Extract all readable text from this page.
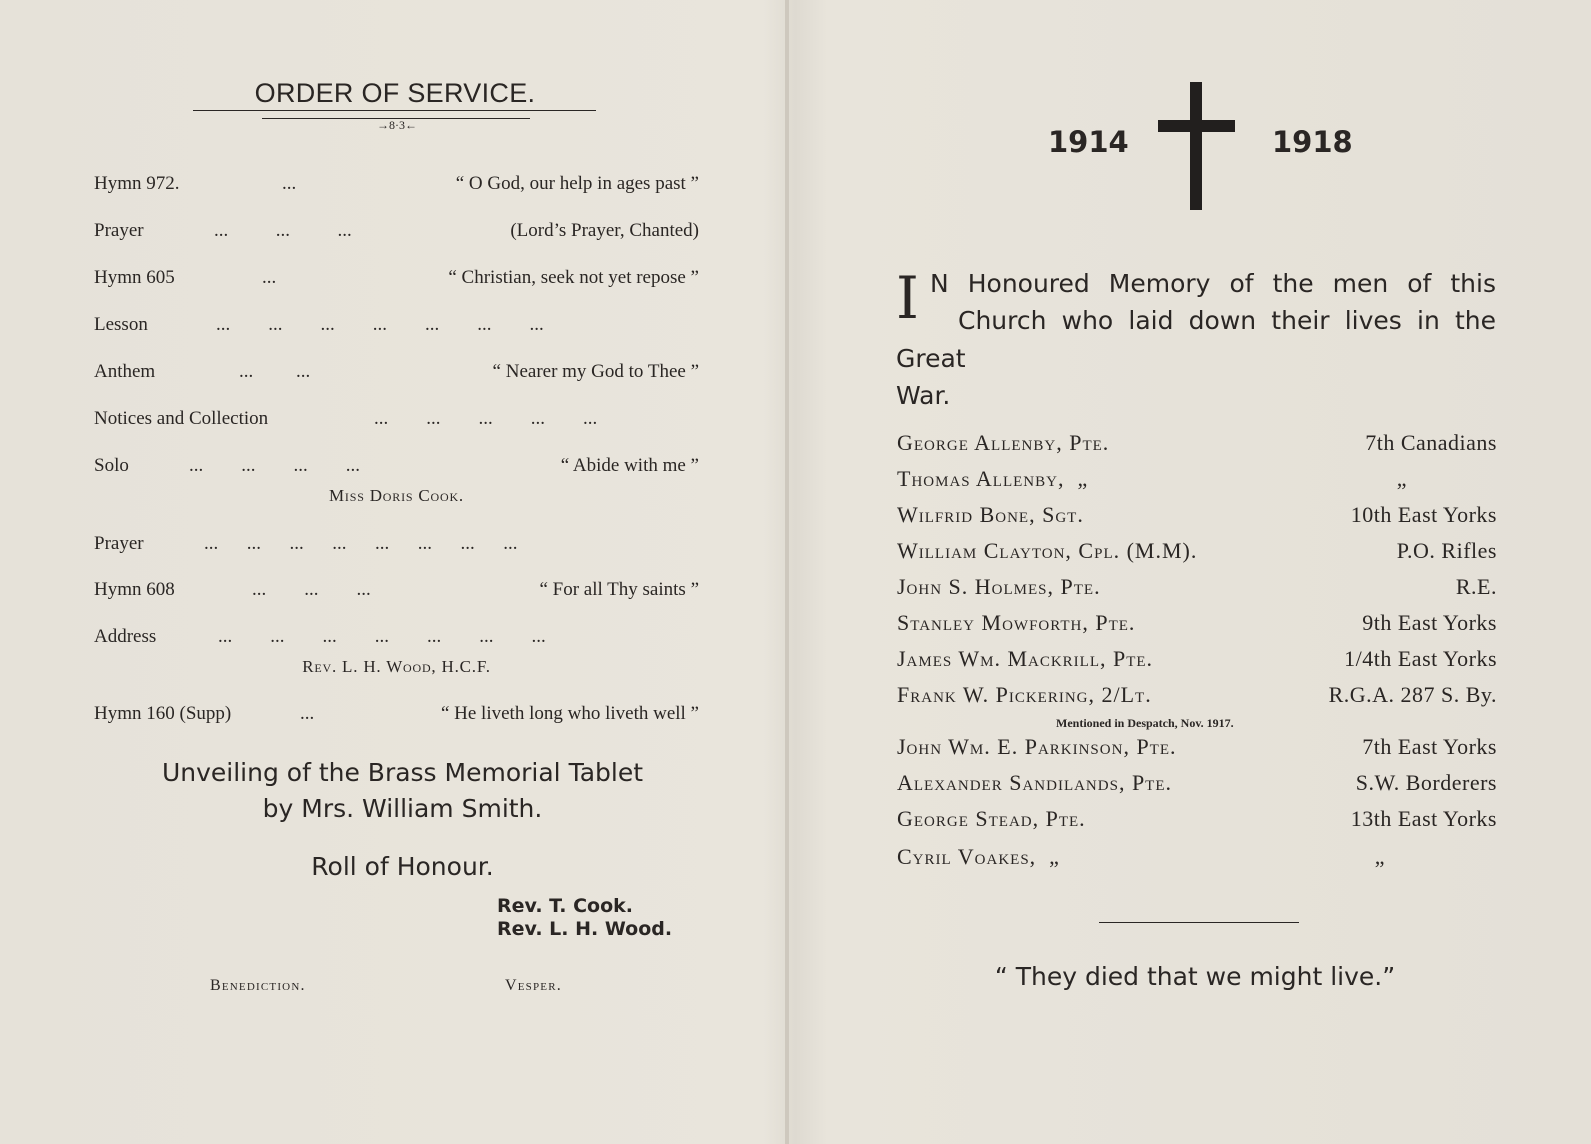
ORDER OF SERVICE.
→8·3←
Hymn 972.	...	“ O God, our help in ages past ”
Prayer	...          ...          ...	(Lord’s Prayer, Chanted)
Hymn 605	...	“ Christian, seek not yet repose ”
Lesson	...        ...        ...        ...        ...        ...        ...
Anthem	...         ...	“ Nearer my God to Thee ”
Notices and Collection	...        ...        ...        ...        ...
Solo	...        ...        ...        ...	“ Abide with me ”
Miss Doris Cook.
Prayer	...      ...      ...      ...      ...      ...      ...      ...
Hymn 608	...        ...        ...	“ For all Thy saints ”
Address	...        ...        ...        ...        ...        ...        ...
Rev. L. H. Wood, H.C.F.
Hymn 160 (Supp)	...	“ He liveth long who liveth well ”
Unveiling of the Brass Memorial Tablet
by Mrs. William Smith.
Roll of Honour.
Rev. T. Cook.
Rev. L. H. Wood.
Benediction.	Vesper.
1914	1918
I N Honoured Memory of the men of this
Church who laid down their lives in the
Great War.
George Allenby, Pte.	7th Canadians
Thomas Allenby,  „	„
Wilfrid Bone, Sgt.	10th East Yorks
William Clayton, Cpl. (M.M).	P.O. Rifles
John S. Holmes, Pte.	R.E.
Stanley Mowforth, Pte.	9th East Yorks
James Wm. Mackrill, Pte.	1/4th East Yorks
Frank W. Pickering, 2/Lt.	R.G.A. 287 S. By.
Mentioned in Despatch, Nov. 1917.
John Wm. E. Parkinson, Pte.	7th East Yorks
Alexander Sandilands, Pte.	S.W. Borderers
George Stead, Pte.	13th East Yorks
Cyril Voakes,  „	„
“ They died that we might live.”
